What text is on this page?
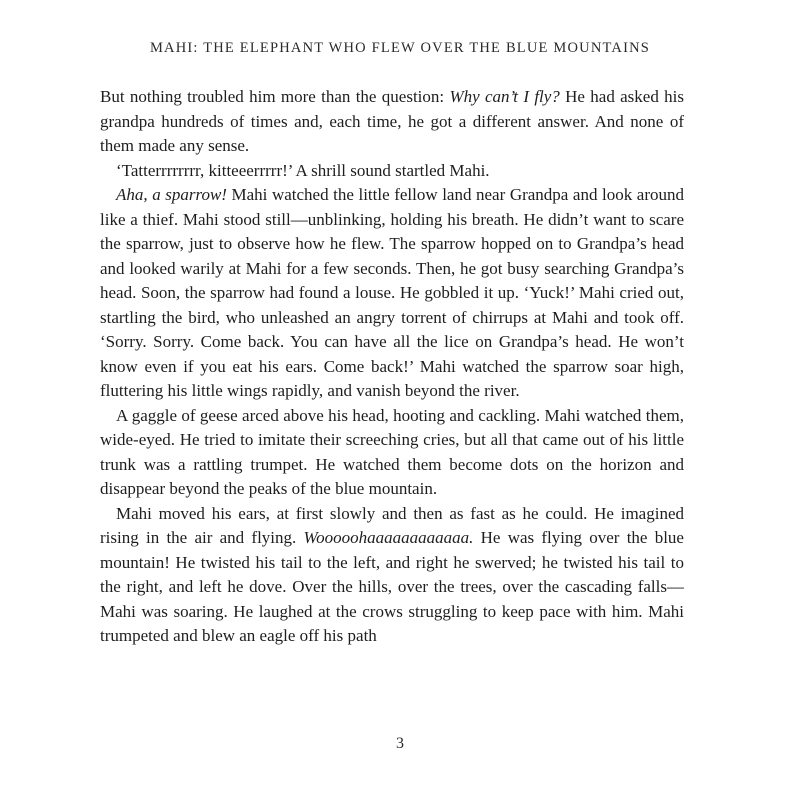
MAHI: THE ELEPHANT WHO FLEW OVER THE BLUE MOUNTAINS

But nothing troubled him more than the question: Why can’t I fly? He had asked his grandpa hundreds of times and, each time, he got a different answer. And none of them made any sense.

‘Tatterrrrrrrr, kitteeerrrrr!’ A shrill sound startled Mahi.

Aha, a sparrow! Mahi watched the little fellow land near Grandpa and look around like a thief. Mahi stood still—unblinking, holding his breath. He didn’t want to scare the sparrow, just to observe how he flew. The sparrow hopped on to Grandpa’s head and looked warily at Mahi for a few seconds. Then, he got busy searching Grandpa’s head. Soon, the sparrow had found a louse. He gobbled it up. ‘Yuck!’ Mahi cried out, startling the bird, who unleashed an angry torrent of chirrups at Mahi and took off. ‘Sorry. Sorry. Come back. You can have all the lice on Grandpa’s head. He won’t know even if you eat his ears. Come back!’ Mahi watched the sparrow soar high, fluttering his little wings rapidly, and vanish beyond the river.

A gaggle of geese arced above his head, hooting and cackling. Mahi watched them, wide-eyed. He tried to imitate their screeching cries, but all that came out of his little trunk was a rattling trumpet. He watched them become dots on the horizon and disappear beyond the peaks of the blue mountain.

Mahi moved his ears, at first slowly and then as fast as he could. He imagined rising in the air and flying. Wooooohaaaaaaaaaaaa. He was flying over the blue mountain! He twisted his tail to the left, and right he swerved; he twisted his tail to the right, and left he dove. Over the hills, over the trees, over the cascading falls—Mahi was soaring. He laughed at the crows struggling to keep pace with him. Mahi trumpeted and blew an eagle off his path

3
